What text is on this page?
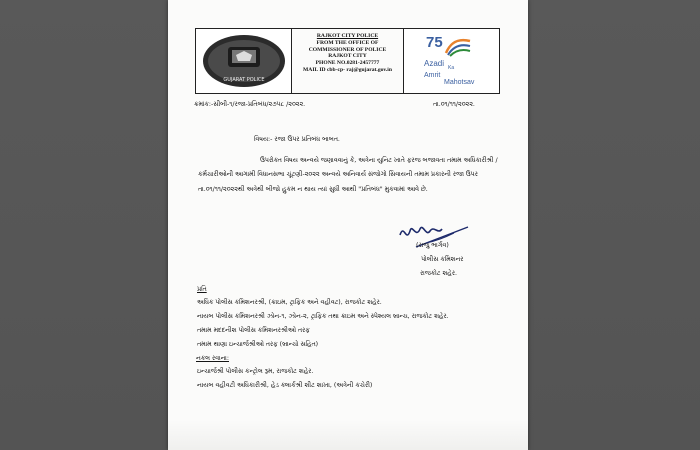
GUJARAT POLICE
RAJKOT CITY POLICE
FROM THE OFFICE OF
COMMISSIONER OF POLICE
RAJKOT CITY
PHONE NO.0281-2457777
MAIL ID cbb-cp- raj@gujarat.gov.in
75
Azadi Ka
Amrit
Mahotsav
ક્રમાંક:-સીબી-૧/રજા-પ્રતિબંધ/૨૭૫૮ /૨૦૨૨.	તા.૦૧/૧૧/૨૦૨૨.
વિષય:- રજા ઉપર પ્રતિબંધ બાબત.
ઉપરોક્ત વિષય અન્વયે જણાવવાનું કે, અત્રેના યુનિટ ખાતે ફરજ બજાવતા તમામ અધિકારીશ્રી /
કર્મચારીઓની આગામી વિધાનસભા ચૂંટણી-૨૦૨૨ અન્વયે અનિવાર્ય સંજોગો સિવાયની તમામ પ્રકારની રજા ઉપર
તા.૦૧/૧૧/૨૦૨૨થી અત્રેથી બીજો હુકમ ન થાય ત્યાં સુધી આથી "પ્રતિબંધ" મુકવામાં આવે છે.
(રાજુ ભાર્ગવ)
પોલીસ કમિશનર
રાજકોટ શહેર.
પ્રતિ
અધિક પોલીસ કમિશનરશ્રી, (ક્રાઇમ, ટ્રાફિક અને વહીવટ), રાજકોટ શહેર.
નાયબ પોલીસ કમિશનરશ્રી ઝોન-૧, ઝોન-૨, ટ્રાફિક તથા ક્રાઇમ અને સ્પેશ્યલ બ્રાન્ચ, રાજકોટ શહેર.
તમામ મદદનીશ પોલીસ કમિશનરશ્રીઓ તરફ
તમામ થાણા ઇન્ચાર્જશ્રીઓ તરફ (બ્રાન્ચો સહિત)
નકલ રવાના:
ઇન્ચાર્જશ્રી પોલીસ કન્ટ્રોલ રૂમ, રાજકોટ શહેર.
નાયબ વહીવટી અધિકારીશ્રી, હેડ ક્લાર્કશ્રી શીટ શાખા, (અત્રેની કચેરી)
